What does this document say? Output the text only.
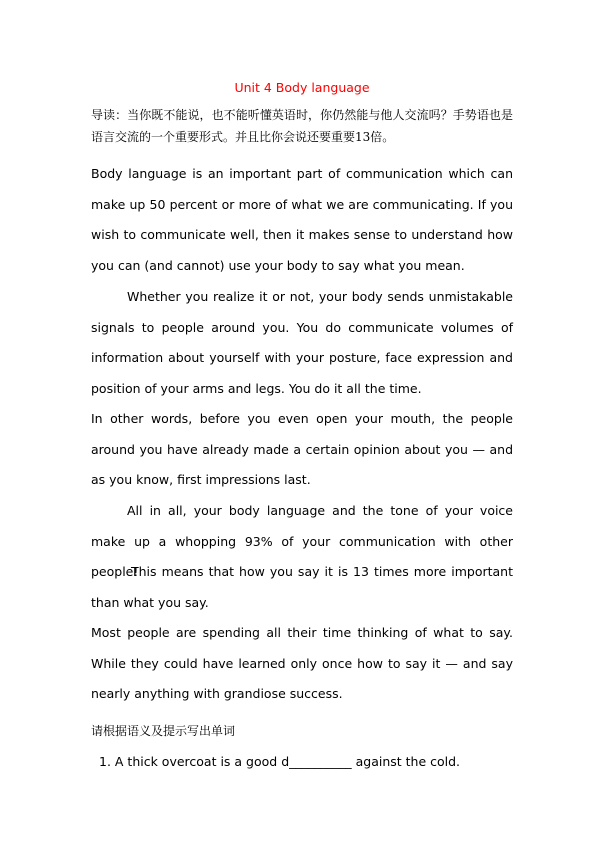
Unit 4 Body language
导读：当你既不能说，也不能听懂英语时，你仍然能与他人交流吗？手势语也是语言交流的一个重要形式。并且比你会说还要重要13倍。

Body language is an important part of communication which can make up 50 percent or more of what we are communicating. If you wish to communicate well, then it makes sense to understand how you can (and cannot) use your body to say what you mean.

Whether you realize it or not, your body sends unmistakable signals to people around you. You do communicate volumes of information about yourself with your posture, face expression and position of your arms and legs. You do it all the time.

In other words, before you even open your mouth, the people around you have already made a certain opinion about you — and as you know, first impressions last.

All in all, your body language and the tone of your voice make up a whopping 93% of your communication with other people!

This means that how you say it is 13 times more important than what you say.

Most people are spending all their time thinking of what to say. While they could have learned only once how to say it — and say nearly anything with grandiose success.

请根据语义及提示写出单词
1. A thick overcoat is a good d__________ against the cold.
